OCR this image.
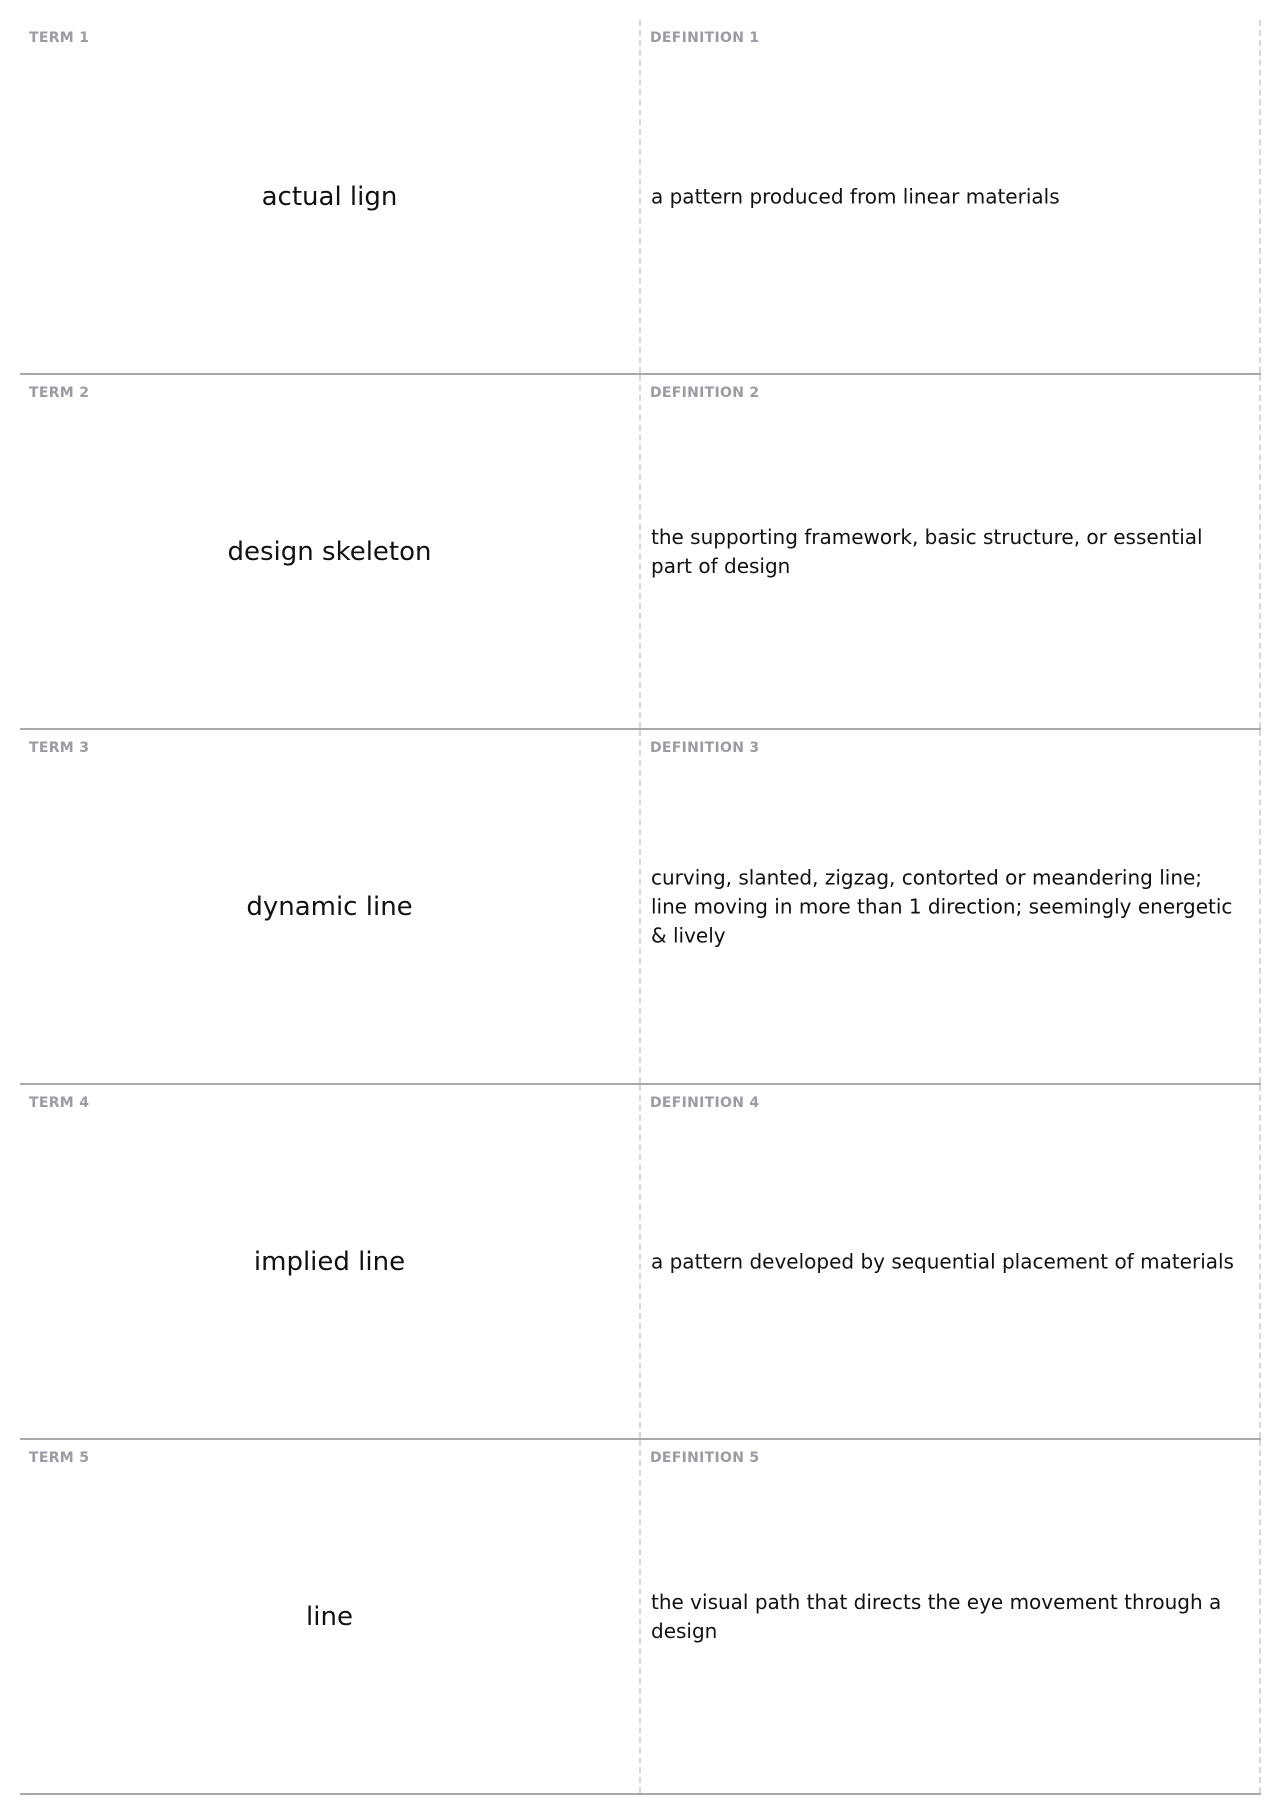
TERM 1
actual lign
DEFINITION 1
a pattern produced from linear materials
TERM 2
design skeleton
DEFINITION 2
the supporting framework, basic structure, or essential part of design
TERM 3
dynamic line
DEFINITION 3
curving, slanted, zigzag, contorted or meandering line; line moving in more than 1 direction; seemingly energetic & lively
TERM 4
implied line
DEFINITION 4
a pattern developed by sequential placement of materials
TERM 5
line
DEFINITION 5
the visual path that directs the eye movement through a design
